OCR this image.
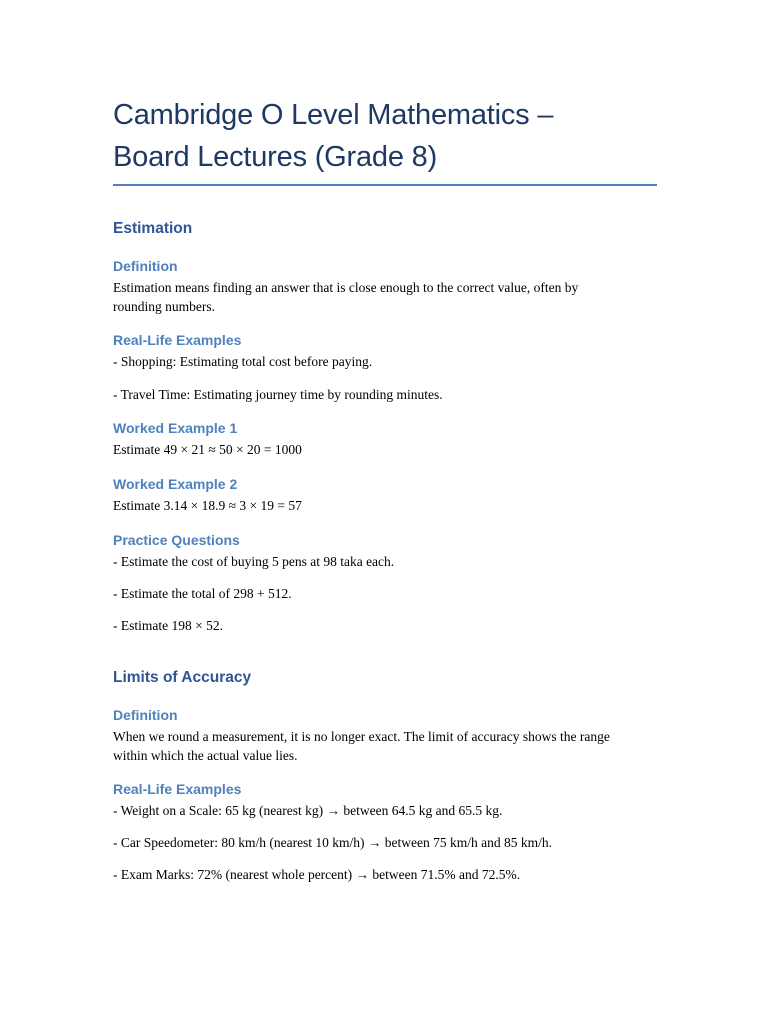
Cambridge O Level Mathematics –
Board Lectures (Grade 8)
Estimation
Definition
Estimation means finding an answer that is close enough to the correct value, often by
rounding numbers.
Real-Life Examples
- Shopping: Estimating total cost before paying.
- Travel Time: Estimating journey time by rounding minutes.
Worked Example 1
Estimate 49 × 21 ≈ 50 × 20 = 1000
Worked Example 2
Estimate 3.14 × 18.9 ≈ 3 × 19 = 57
Practice Questions
- Estimate the cost of buying 5 pens at 98 taka each.
- Estimate the total of 298 + 512.
- Estimate 198 × 52.
Limits of Accuracy
Definition
When we round a measurement, it is no longer exact. The limit of accuracy shows the range
within which the actual value lies.
Real-Life Examples
- Weight on a Scale: 65 kg (nearest kg) → between 64.5 kg and 65.5 kg.
- Car Speedometer: 80 km/h (nearest 10 km/h) → between 75 km/h and 85 km/h.
- Exam Marks: 72% (nearest whole percent) → between 71.5% and 72.5%.
